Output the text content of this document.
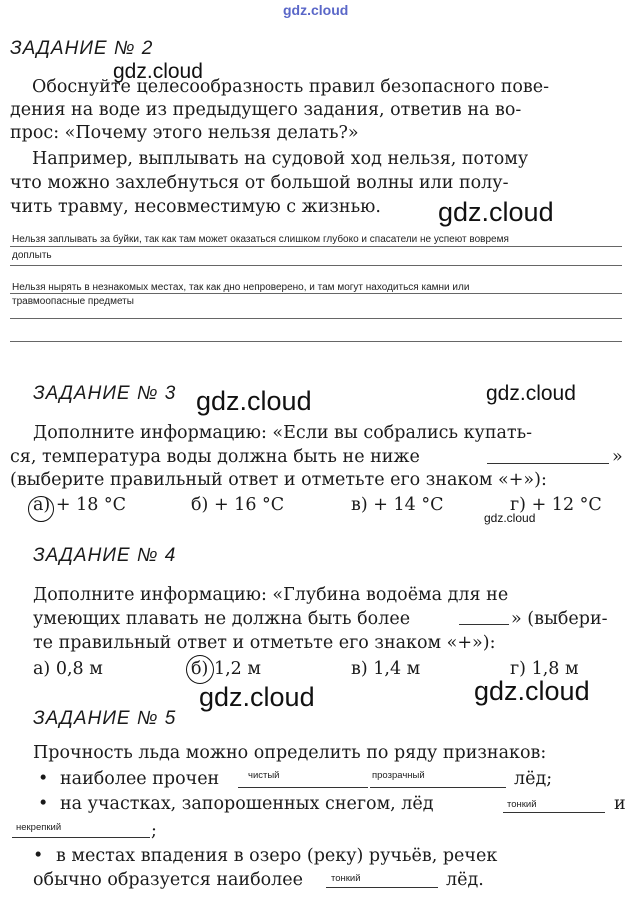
gdz.cloud
gdz.cloud
gdz.cloud
gdz.cloud	gdz.cloud
gdz.cloud
gdz.cloud	gdz.cloud
ЗАДАНИЕ № 2
Обоснуйте целесообразность правил безопасного пове-
дения на воде из предыдущего задания, ответив на во-
прос: «Почему этого нельзя делать?»
Например, выплывать на судовой ход нельзя, потому
что можно захлебнуться от большой волны или полу-
чить травму, несовместимую с жизнью.
Нельзя заплывать за буйки, так как там может оказаться слишком глубоко и спасатели не успеют вовремя
доплыть
Нельзя нырять в незнакомых местах, так как дно непроверено, и там могут находиться камни или
травмоопасные предметы
ЗАДАНИЕ № 3
Дополните информацию: «Если вы собрались купать-
ся, температура воды должна быть не ниже	»
(выберите правильный ответ и отметьте его знаком «+»):
а) + 18 °С	б) + 16 °С	в) + 14 °С	г) + 12 °С
ЗАДАНИЕ № 4
Дополните информацию: «Глубина водоёма для не
умеющих плавать не должна быть более	» (выбери-
те правильный ответ и отметьте его знаком «+»):
а) 0,8 м	б) 1,2 м	в) 1,4 м	г) 1,8 м
ЗАДАНИЕ № 5
Прочность льда можно определить по ряду признаков:
• наиболее прочен	чистый	прозрачный	лёд;
• на участках, запорошенных снегом, лёд	тонкий	и
некрепкий	;
• в местах впадения в озеро (реку) ручьёв, речек
обычно образуется наиболее	тонкий	лёд.
